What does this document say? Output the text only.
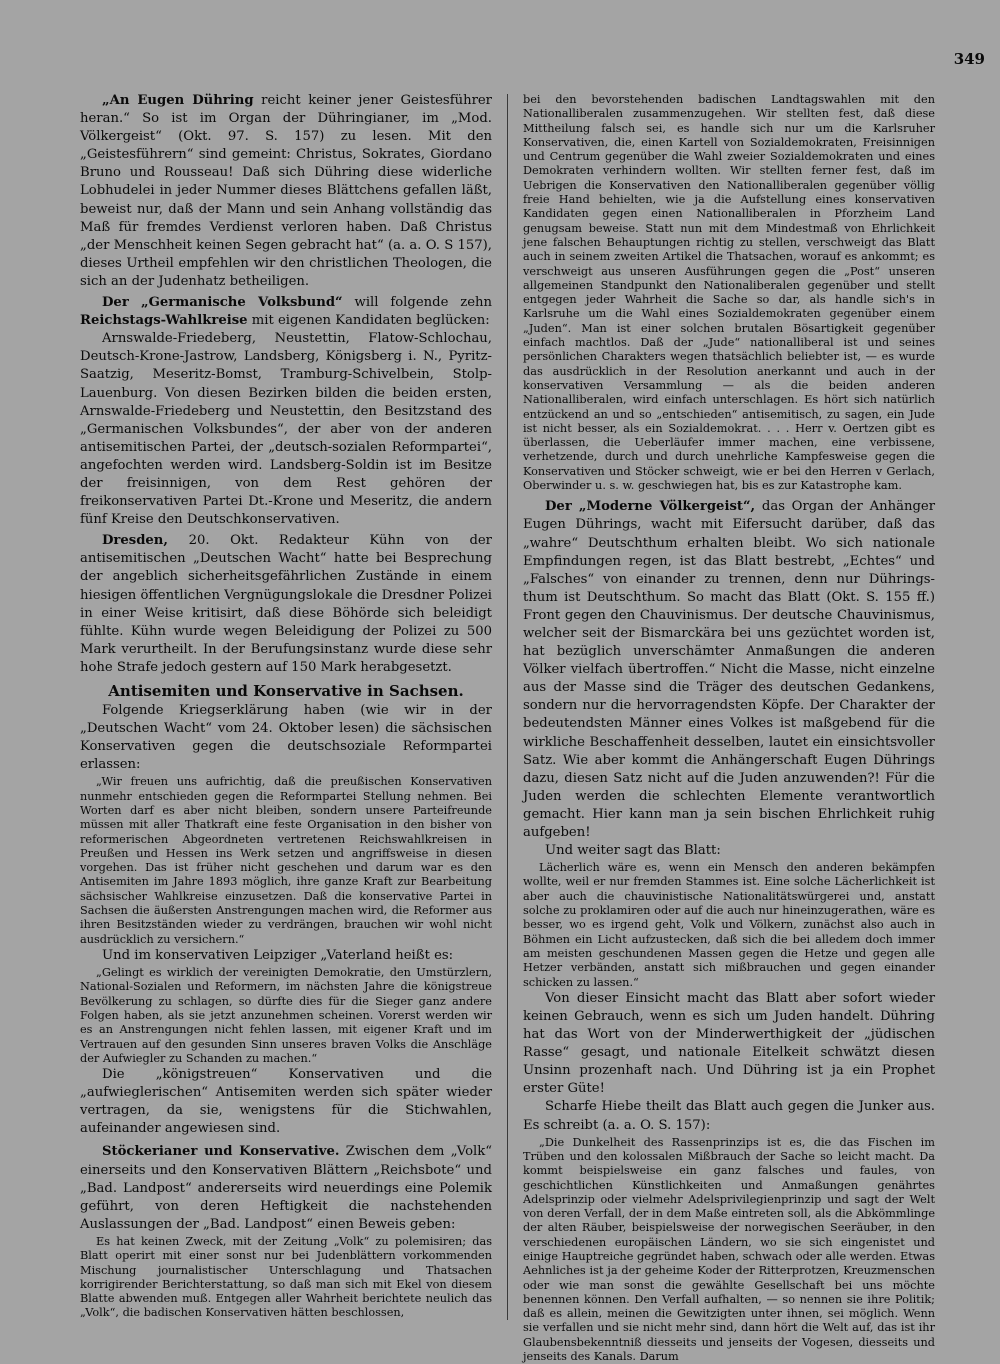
349

„An Eugen Dühring reicht keiner jener Geistesführer heran.“ So ist im Organ der Dühringianer, im „Mod. Völkergeist“ (Okt. 97. S. 157) zu lesen. Mit den „Geistesführern“ sind gemeint: Christus, Sokrates, Giordano Bruno und Rousseau! Daß sich Dühring diese widerliche Lobhudelei in jeder Nummer dieses Blättchens gefallen läßt, beweist nur, daß der Mann und sein Anhang vollständig das Maß für fremdes Verdienst verloren haben. Daß Christus „der Menschheit keinen Segen gebracht hat“ (a. a. O. S 157), dieses Urtheil empfehlen wir den christlichen Theologen, die sich an der Judenhatz betheiligen.

Der „Germanische Volksbund“ will folgende zehn Reichstags-Wahlkreise mit eigenen Kandidaten beglücken:

Arnswalde-Friedeberg, Neustettin, Flatow-Schlochau, Deutsch-Krone-Jastrow, Landsberg, Königsberg i. N., Pyritz-Saatzig, Meseritz-Bomst, Tramburg-Schivelbein, Stolp-Lauenburg. Von diesen Bezirken bilden die beiden ersten, Arnswalde-Friedeberg und Neustettin, den Besitzstand des „Germanischen Volksbundes“, der aber von der anderen antisemitischen Partei, der „deutsch-sozialen Reformpartei“, angefochten werden wird. Landsberg-Soldin ist im Besitze der freisinnigen, von dem Rest gehören der freikonservativen Partei Dt.-Krone und Meseritz, die andern fünf Kreise den Deutschkonservativen.

Dresden, 20. Okt. Redakteur Kühn von der antisemitischen „Deutschen Wacht“ hatte bei Besprechung der angeblich sicherheitsgefährlichen Zustände in einem hiesigen öffentlichen Vergnügungslokale die Dresdner Polizei in einer Weise kritisirt, daß diese Böhörde sich beleidigt fühlte. Kühn wurde wegen Beleidigung der Polizei zu 500 Mark verurtheilt. In der Berufungsinstanz wurde diese sehr hohe Strafe jedoch gestern auf 150 Mark herabgesetzt.

Antisemiten und Konservative in Sachsen.

Folgende Kriegserklärung haben (wie wir in der „Deutschen Wacht“ vom 24. Oktober lesen) die sächsischen Konservativen gegen die deutschsoziale Reformpartei erlassen:

„Wir freuen uns aufrichtig, daß die preußischen Konservativen nunmehr entschieden gegen die Reformpartei Stellung nehmen. Bei Worten darf es aber nicht bleiben, sondern unsere Parteifreunde müssen mit aller Thatkraft eine feste Organisation in den bisher von reformerischen Abgeordneten vertretenen Reichswahlkreisen in Preußen und Hessen ins Werk setzen und angriffsweise in diesen vorgehen. Das ist früher nicht geschehen und darum war es den Antisemiten im Jahre 1893 möglich, ihre ganze Kraft zur Bearbeitung sächsischer Wahlkreise einzusetzen. Daß die konservative Partei in Sachsen die äußersten Anstrengungen machen wird, die Reformer aus ihren Besitzständen wieder zu verdrängen, brauchen wir wohl nicht ausdrücklich zu versichern.“

Und im konservativen Leipziger „Vaterland heißt es:

„Gelingt es wirklich der vereinigten Demokratie, den Umstürzlern, National-Sozialen und Reformern, im nächsten Jahre die königstreue Bevölkerung zu schlagen, so dürfte dies für die Sieger ganz andere Folgen haben, als sie jetzt anzunehmen scheinen. Vorerst werden wir es an Anstrengungen nicht fehlen lassen, mit eigener Kraft und im Vertrauen auf den gesunden Sinn unseres braven Volks die Anschläge der Aufwiegler zu Schanden zu machen.“

Die „königstreuen“ Konservativen und die „aufwieglerischen“ Antisemiten werden sich später wieder vertragen, da sie, wenigstens für die Stichwahlen, aufeinander angewiesen sind.

Stöckerianer und Konservative. Zwischen dem „Volk“ einerseits und den Konservativen Blättern „Reichsbote“ und „Bad. Landpost“ andererseits wird neuerdings eine Polemik geführt, von deren Heftigkeit die nachstehenden Auslassungen der „Bad. Landpost“ einen Beweis geben:

Es hat keinen Zweck, mit der Zeitung „Volk“ zu polemisiren; das Blatt operirt mit einer sonst nur bei Judenblättern vorkommenden Mischung journalistischer Unterschlagung und Thatsachen korrigirender Berichterstattung, so daß man sich mit Ekel von diesem Blatte abwenden muß. Entgegen aller Wahrheit berichtete neulich das „Volk“, die badischen Konservativen hätten beschlossen,

bei den bevorstehenden badischen Landtagswahlen mit den Nationalliberalen zusammenzugehen. Wir stellten fest, daß diese Mittheilung falsch sei, es handle sich nur um die Karlsruher Konservativen, die, einen Kartell von Sozialdemokraten, Freisinnigen und Centrum gegenüber die Wahl zweier Sozialdemokraten und eines Demokraten verhindern wollten. Wir stellten ferner fest, daß im Uebrigen die Konservativen den Nationalliberalen gegenüber völlig freie Hand behielten, wie ja die Aufstellung eines konservativen Kandidaten gegen einen Nationalliberalen in Pforzheim Land genugsam beweise. Statt nun mit dem Mindestmaß von Ehrlichkeit jene falschen Behauptungen richtig zu stellen, verschweigt das Blatt auch in seinem zweiten Artikel die Thatsachen, worauf es ankommt; es verschweigt aus unseren Ausführungen gegen die „Post“ unseren allgemeinen Standpunkt den Nationaliberalen gegenüber und stellt entgegen jeder Wahrheit die Sache so dar, als handle sich's in Karlsruhe um die Wahl eines Sozialdemokraten gegenüber einem „Juden“. Man ist einer solchen brutalen Bösartigkeit gegenüber einfach machtlos. Daß der „Jude“ nationalliberal ist und seines persönlichen Charakters wegen thatsächlich beliebter ist, — es wurde das ausdrücklich in der Resolution anerkannt und auch in der konservativen Versammlung — als die beiden anderen Nationalliberalen, wird einfach unterschlagen. Es hört sich natürlich entzückend an und so „entschieden“ antisemitisch, zu sagen, ein Jude ist nicht besser, als ein Sozialdemokrat. . . . Herr v. Oertzen gibt es überlassen, die Ueberläufer immer machen, eine verbissene, verhetzende, durch und durch unehrliche Kampfesweise gegen die Konservativen und Stöcker schweigt, wie er bei den Herren v Gerlach, Oberwinder u. s. w. geschwiegen hat, bis es zur Katastrophe kam.

Der „Moderne Völkergeist“, das Organ der Anhänger Eugen Dührings, wacht mit Eifersucht darüber, daß das „wahre“ Deutschthum erhalten bleibt. Wo sich nationale Empfindungen regen, ist das Blatt bestrebt, „Echtes“ und „Falsches“ von einander zu trennen, denn nur Dührings-thum ist Deutschthum. So macht das Blatt (Okt. S. 155 ff.) Front gegen den Chauvinismus. Der deutsche Chauvinismus, welcher seit der Bismarckära bei uns gezüchtet worden ist, hat bezüglich unverschämter Anmaßungen die anderen Völker vielfach übertroffen.“ Nicht die Masse, nicht einzelne aus der Masse sind die Träger des deutschen Gedankens, sondern nur die hervorragendsten Köpfe. Der Charakter der bedeutendsten Männer eines Volkes ist maßgebend für die wirkliche Beschaffenheit desselben, lautet ein einsichtsvoller Satz. Wie aber kommt die Anhängerschaft Eugen Dührings dazu, diesen Satz nicht auf die Juden anzuwenden?! Für die Juden werden die schlechten Elemente verantwortlich gemacht. Hier kann man ja sein bischen Ehrlichkeit ruhig aufgeben!

Und weiter sagt das Blatt:

Lächerlich wäre es, wenn ein Mensch den anderen bekämpfen wollte, weil er nur fremden Stammes ist. Eine solche Lächerlichkeit ist aber auch die chauvinistische Nationalitätswürgerei und, anstatt solche zu proklamiren oder auf die auch nur hineinzugerathen, wäre es besser, wo es irgend geht, Volk und Völkern, zunächst also auch in Böhmen ein Licht aufzustecken, daß sich die bei alledem doch immer am meisten geschundenen Massen gegen die Hetze und gegen alle Hetzer verbänden, anstatt sich mißbrauchen und gegen einander schicken zu lassen.“

Von dieser Einsicht macht das Blatt aber sofort wieder keinen Gebrauch, wenn es sich um Juden handelt. Dühring hat das Wort von der Minderwerthigkeit der „jüdischen Rasse“ gesagt, und nationale Eitelkeit schwätzt diesen Unsinn prozenhaft nach. Und Dühring ist ja ein Prophet erster Güte!

Scharfe Hiebe theilt das Blatt auch gegen die Junker aus. Es schreibt (a. a. O. S. 157):

„Die Dunkelheit des Rassenprinzips ist es, die das Fischen im Trüben und den kolossalen Mißbrauch der Sache so leicht macht. Da kommt beispielsweise ein ganz falsches und faules, von geschichtlichen Künstlichkeiten und Anmaßungen genährtes Adelsprinzip oder vielmehr Adelsprivilegienprinzip und sagt der Welt von deren Verfall, der in dem Maße eintreten soll, als die Abkömmlinge der alten Räuber, beispielsweise der norwegischen Seeräuber, in den verschiedenen europäischen Ländern, wo sie sich eingenistet und einige Hauptreiche gegründet haben, schwach oder alle werden. Etwas Aehnliches ist ja der geheime Koder der Ritterprotzen, Kreuzmenschen oder wie man sonst die gewählte Gesellschaft bei uns möchte benennen können. Den Verfall aufhalten, — so nennen sie ihre Politik; daß es allein, meinen die Gewitzigten unter ihnen, sei möglich. Wenn sie verfallen und sie nicht mehr sind, dann hört die Welt auf, das ist ihr Glaubensbekenntniß diesseits und jenseits der Vogesen, diesseits und jenseits des Kanals. Darum
